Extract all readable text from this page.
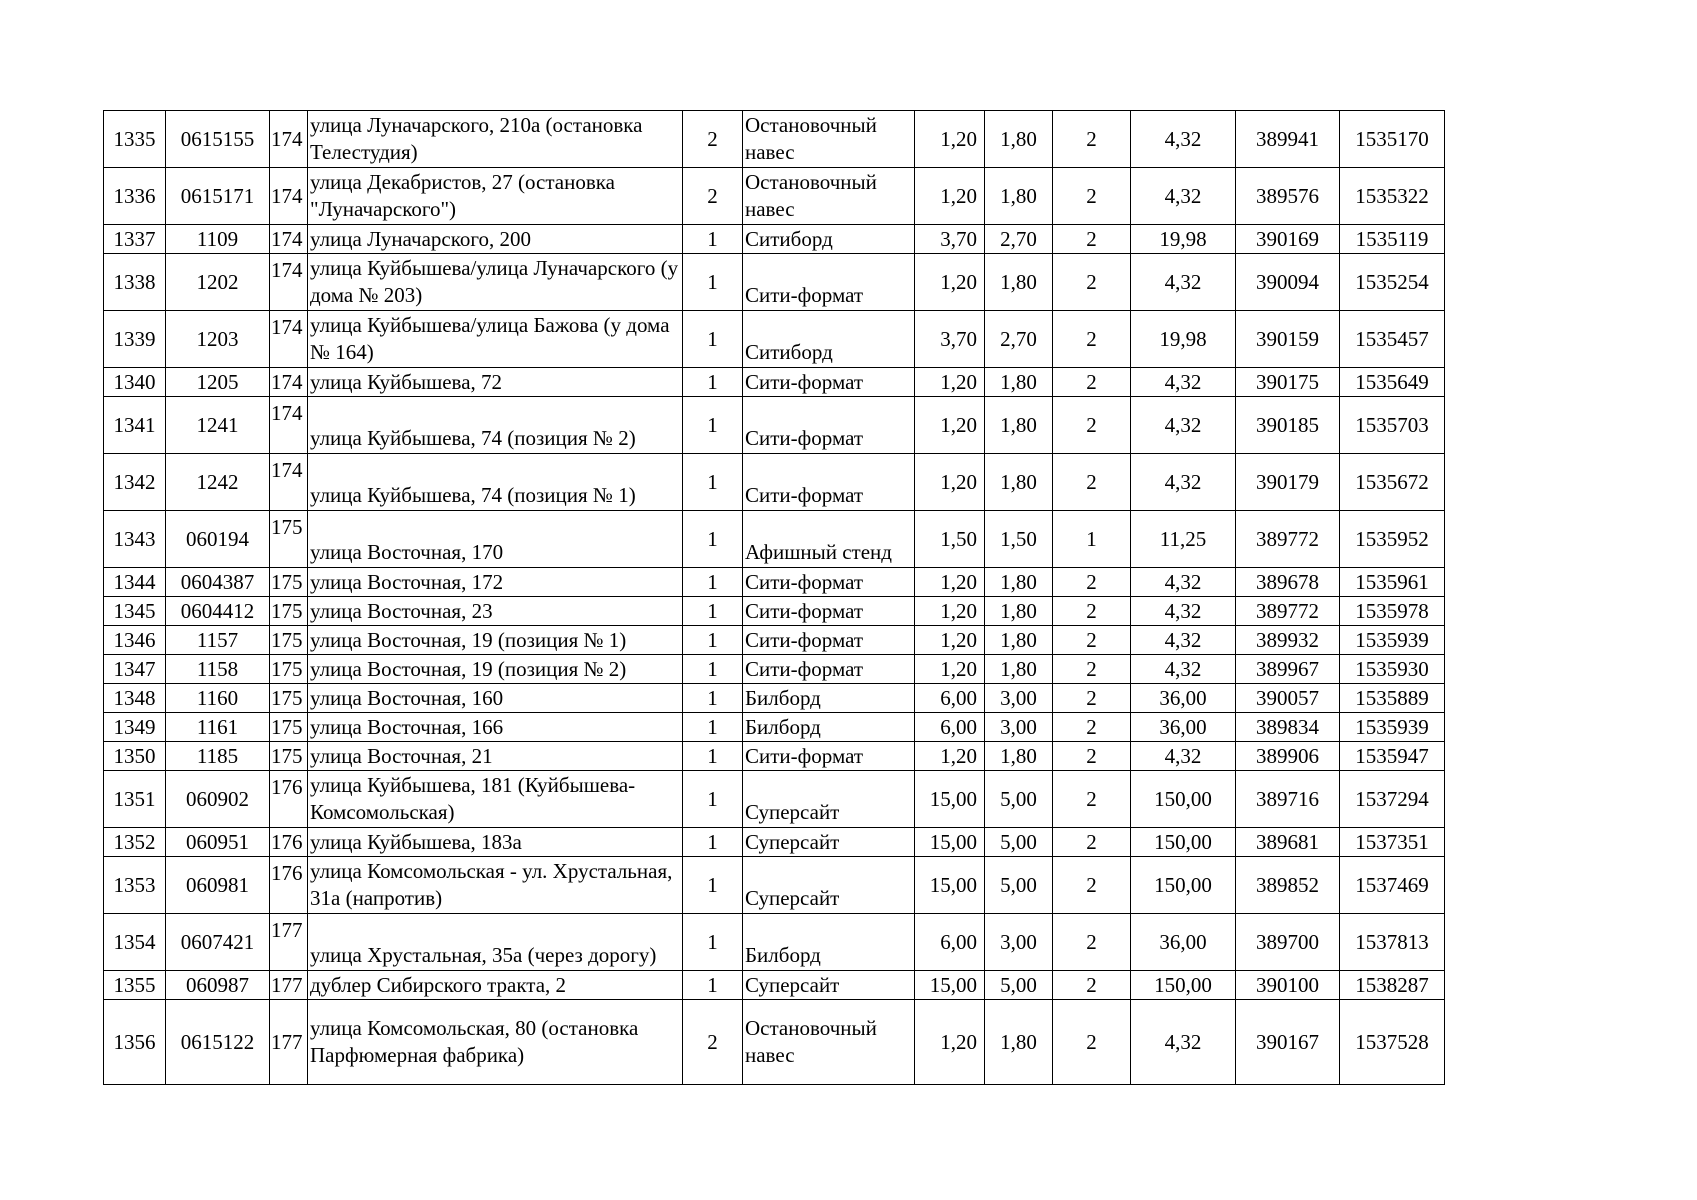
1335	0615155	174	улица Луначарского, 210а (остановка Телестудия)	2	Остановочный навес	1,20	1,80	2	4,32	389941	1535170
1336	0615171	174	улица Декабристов, 27 (остановка "Луначарского")	2	Остановочный навес	1,20	1,80	2	4,32	389576	1535322
1337	1109	174	улица Луначарского, 200	1	Ситиборд	3,70	2,70	2	19,98	390169	1535119
1338	1202	174	улица Куйбышева/улица Луначарского (у дома № 203)	1	Сити-формат	1,20	1,80	2	4,32	390094	1535254
1339	1203	174	улица Куйбышева/улица Бажова (у дома № 164)	1	Ситиборд	3,70	2,70	2	19,98	390159	1535457
1340	1205	174	улица Куйбышева, 72	1	Сити-формат	1,20	1,80	2	4,32	390175	1535649
1341	1241	174	улица Куйбышева, 74 (позиция № 2)	1	Сити-формат	1,20	1,80	2	4,32	390185	1535703
1342	1242	174	улица Куйбышева, 74 (позиция № 1)	1	Сити-формат	1,20	1,80	2	4,32	390179	1535672
1343	060194	175	улица Восточная, 170	1	Афишный стенд	1,50	1,50	1	11,25	389772	1535952
1344	0604387	175	улица Восточная, 172	1	Сити-формат	1,20	1,80	2	4,32	389678	1535961
1345	0604412	175	улица Восточная, 23	1	Сити-формат	1,20	1,80	2	4,32	389772	1535978
1346	1157	175	улица Восточная, 19 (позиция № 1)	1	Сити-формат	1,20	1,80	2	4,32	389932	1535939
1347	1158	175	улица Восточная, 19 (позиция № 2)	1	Сити-формат	1,20	1,80	2	4,32	389967	1535930
1348	1160	175	улица Восточная, 160	1	Билборд	6,00	3,00	2	36,00	390057	1535889
1349	1161	175	улица Восточная, 166	1	Билборд	6,00	3,00	2	36,00	389834	1535939
1350	1185	175	улица Восточная, 21	1	Сити-формат	1,20	1,80	2	4,32	389906	1535947
1351	060902	176	улица Куйбышева, 181 (Куйбышева-Комсомольская)	1	Суперсайт	15,00	5,00	2	150,00	389716	1537294
1352	060951	176	улица Куйбышева, 183а	1	Суперсайт	15,00	5,00	2	150,00	389681	1537351
1353	060981	176	улица Комсомольская - ул. Хрустальная, 31а (напротив)	1	Суперсайт	15,00	5,00	2	150,00	389852	1537469
1354	0607421	177	улица Хрустальная, 35а (через дорогу)	1	Билборд	6,00	3,00	2	36,00	389700	1537813
1355	060987	177	дублер Сибирского тракта, 2	1	Суперсайт	15,00	5,00	2	150,00	390100	1538287
1356	0615122	177	улица Комсомольская, 80 (остановка Парфюмерная фабрика)	2	Остановочный навес	1,20	1,80	2	4,32	390167	1537528
